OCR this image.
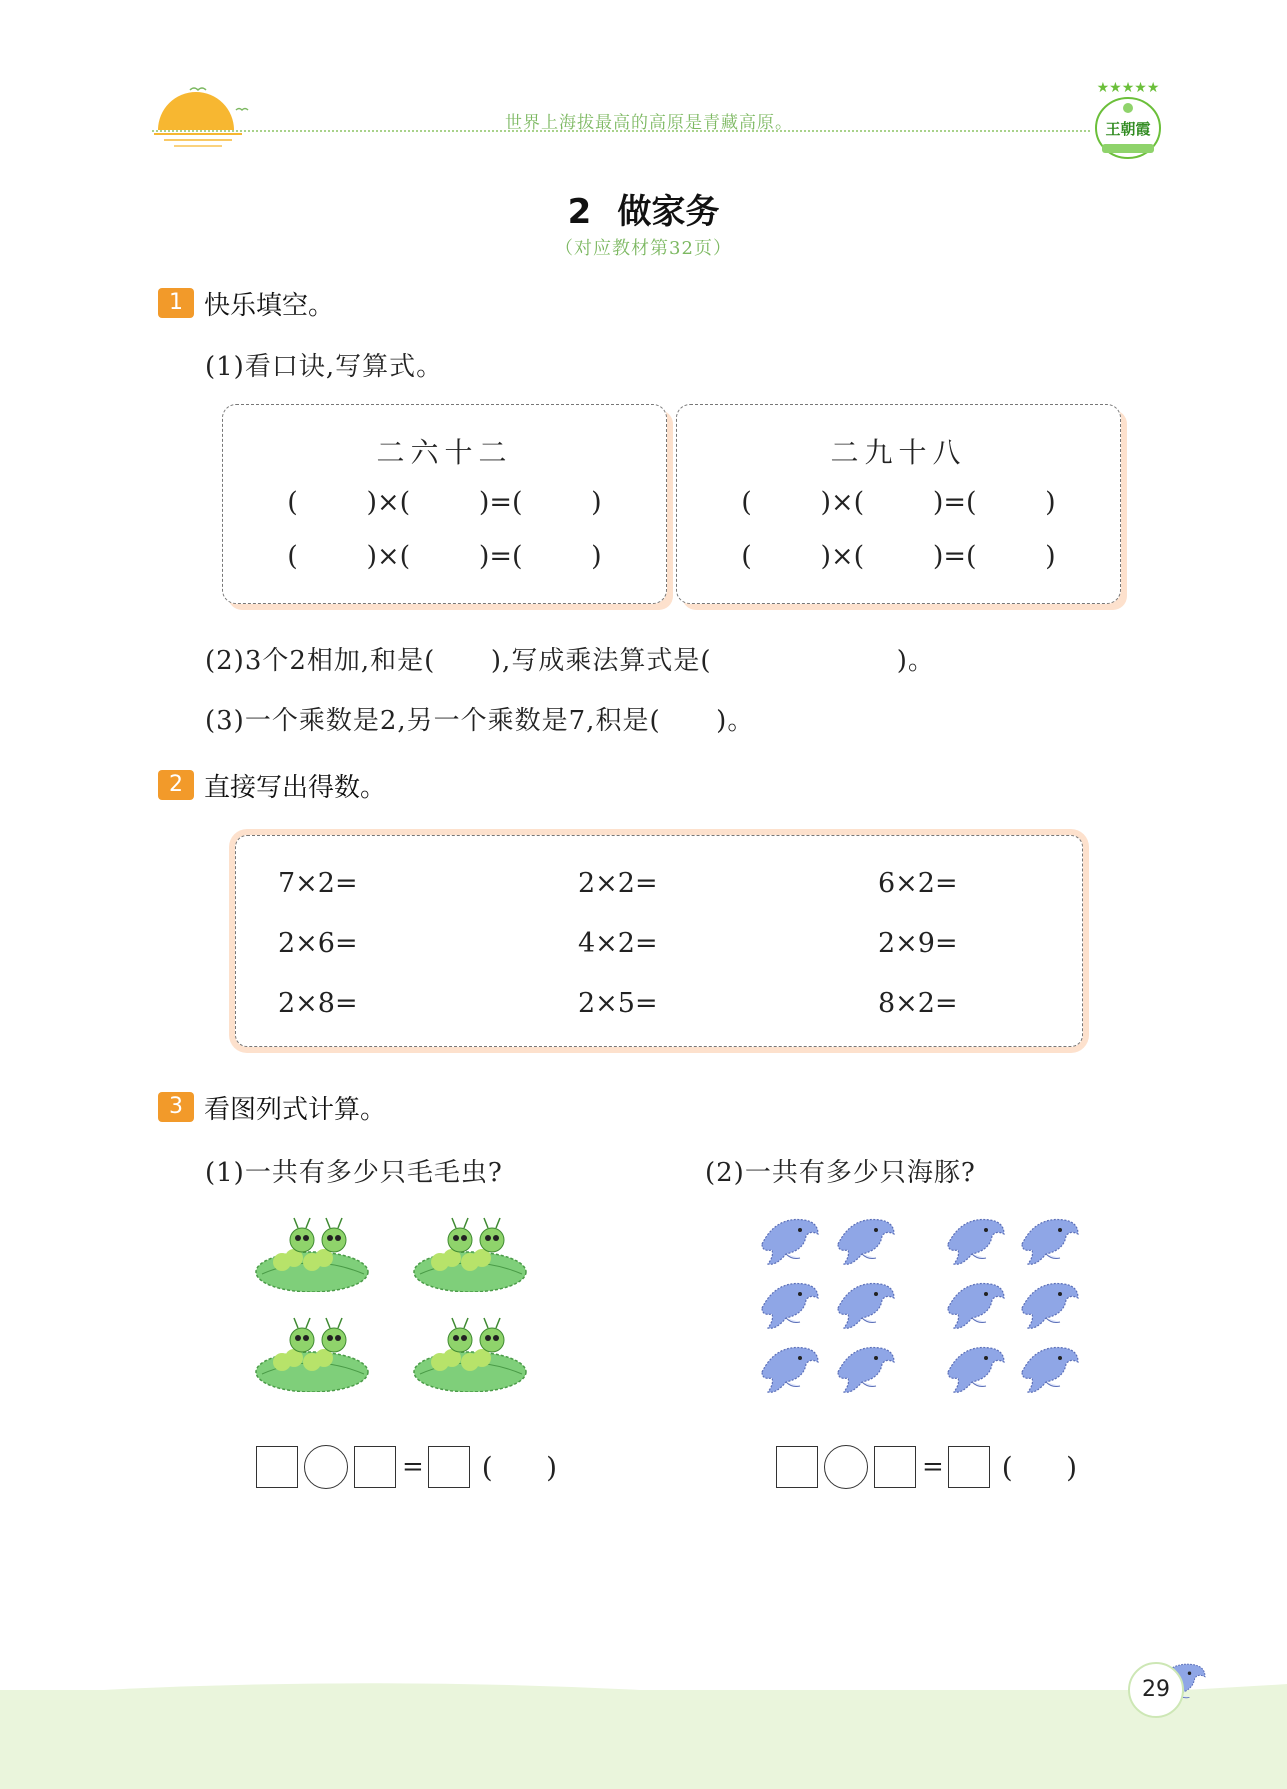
世界上海拔最高的高原是青藏高原。
★★★★★
王朝霞
2 做家务
（对应教材第32页）
1 快乐填空。
(1)看口诀,写算式。
二六十二
(        )×(        )=(        )
(        )×(        )=(        )
二九十八
(        )×(        )=(        )
(        )×(        )=(        )
(2)3个2相加,和是(      ),写成乘法算式是(                    )。
(3)一个乘数是2,另一个乘数是7,积是(      )。
2 直接写出得数。
7×2=	2×2=	6×2=
2×6=	4×2=	2×9=
2×8=	2×5=	8×2=
3 看图列式计算。
(1)一共有多少只毛毛虫?	(2)一共有多少只海豚?
= (      )	= (      )
29
